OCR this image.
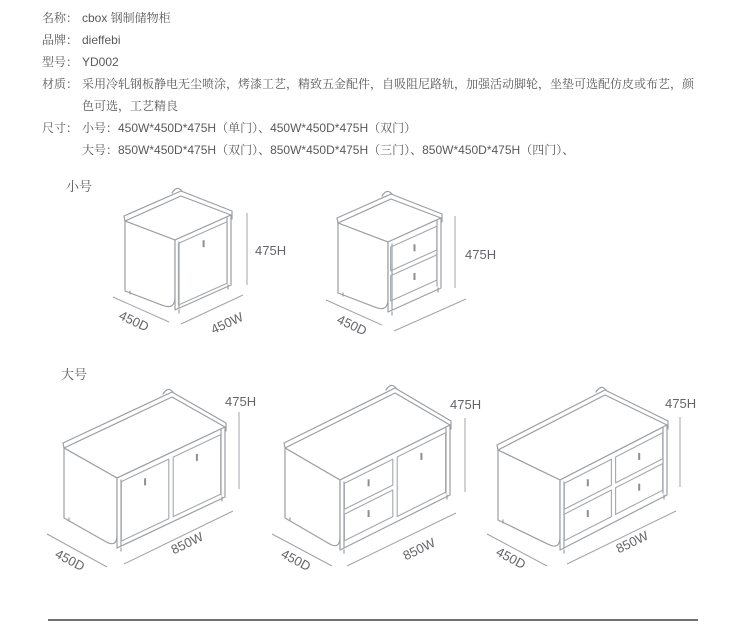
名称： cbox 钢制储物柜
品牌： dieffebi
型号： YD002
材质： 采用冷轧钢板静电无尘喷涂，烤漆工艺，精致五金配件，自吸阻尼路轨，加强活动脚轮，坐垫可选配仿皮或布艺，颜色可选，工艺精良
尺寸： 小号：450W*450D*475H（单门）、450W*450D*475H（双门）
大号：850W*450D*475H（双门）、850W*450D*475H（三门）、850W*450D*475H（四门）、
小号
大号
475H
450D	450W
475H
450D
475H
450D
850W
475H
450D	850W
475H
450D
850W
